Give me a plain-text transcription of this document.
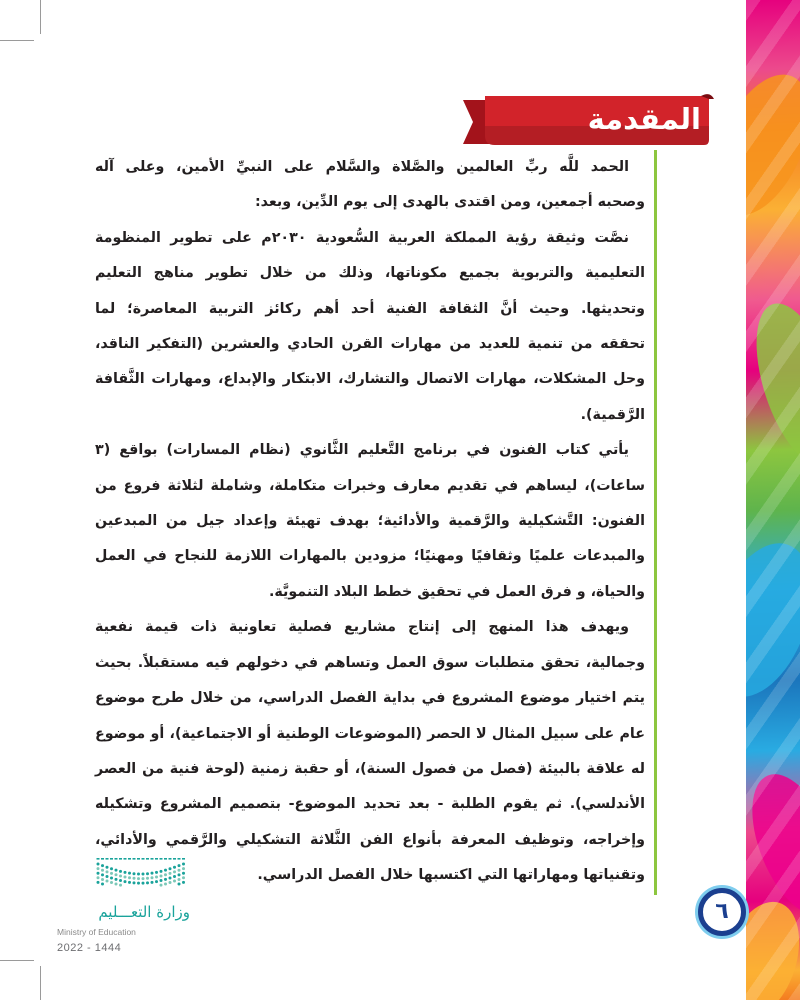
المقدمة
الحمد للَّه ربِّ العالمين والصَّلاة والسَّلام على النبيِّ الأمين، وعلى آله
وصحبه أجمعين، ومن اقتدى بالهدى إلى يوم الدِّين، وبعد:
نصَّت وثيقة رؤية المملكة العربية السُّعودية ٢٠٣٠م على تطوير المنظومة
التعليمية والتربوية بجميع مكوناتها، وذلك من خلال تطوير مناهج التعليم
وتحديثها. وحيث أنَّ الثقافة الفنية أحد أهم ركائز التربية المعاصرة؛ لما
تحققه من تنمية للعديد من مهارات القرن الحادي والعشرين (التفكير الناقد،
وحل المشكلات، مهارات الاتصال والتشارك، الابتكار والإبداع، ومهارات الثَّقافة
الرَّقمية).
يأتي كتاب الفنون في برنامج التَّعليم الثَّانوي (نظام المسارات) بواقع (٣
ساعات)، ليساهم في تقديم معارف وخبرات متكاملة، وشاملة لثلاثة فروع من
الفنون: التَّشكيلية والرَّقمية والأدائية؛ بهدف تهيئة وإعداد جيل من المبدعين
والمبدعات علميًا وثقافيًا ومهنيًا؛ مزودين بالمهارات اللازمة للنجاح في العمل
والحياة، و فرق العمل في تحقيق خطط البلاد التنمويَّة.
ويهدف هذا المنهج إلى إنتاج مشاريع فصلية تعاونية ذات قيمة نفعية
وجمالية، تحقق متطلبات سوق العمل وتساهم في دخولهم فيه مستقبلاً. بحيث
يتم اختيار موضوع المشروع في بداية الفصل الدراسي، من خلال طرح موضوع
عام على سبيل المثال لا الحصر (الموضوعات الوطنية أو الاجتماعية)، أو موضوع
له علاقة بالبيئة (فصل من فصول السنة)، أو حقبة زمنية (لوحة فنية من العصر
الأندلسي). ثم يقوم الطلبة - بعد تحديد الموضوع- بتصميم المشروع وتشكيله
وإخراجه، وتوظيف المعرفة بأنواع الفن الثَّلاثة التشكيلي والرَّقمي والأدائي،
وتقنياتها ومهاراتها التي اكتسبها خلال الفصل الدراسي.
٦
وزارة التعـــليم
Ministry of Education
2022 - 1444
